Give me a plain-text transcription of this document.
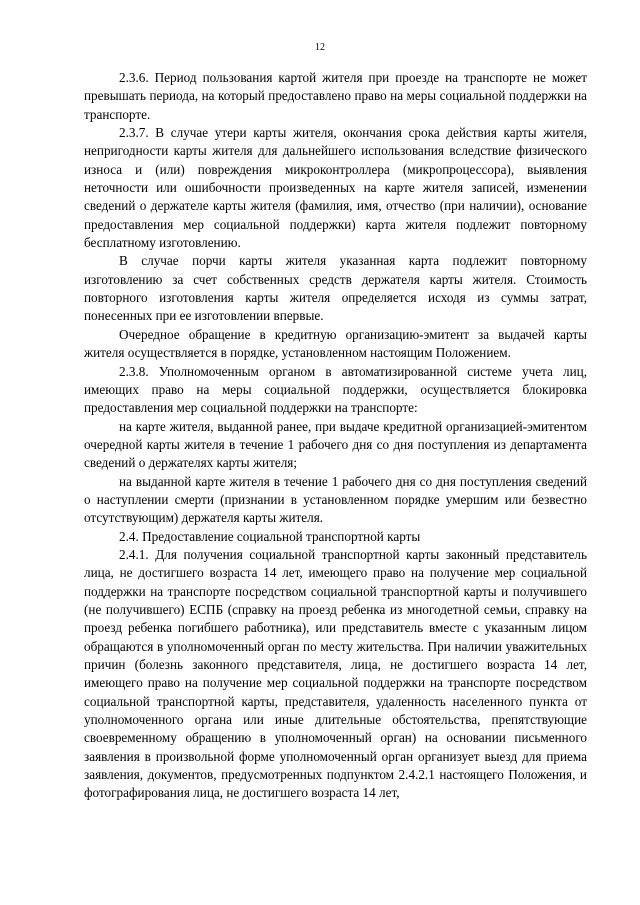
12

2.3.6. Период пользования картой жителя при проезде на транспорте не может превышать периода, на который предоставлено право на меры социальной поддержки на транспорте.

2.3.7. В случае утери карты жителя, окончания срока действия карты жителя, непригодности карты жителя для дальнейшего использования вследствие физического износа и (или) повреждения микроконтроллера (микропроцессора), выявления неточности или ошибочности произведенных на карте жителя записей, изменении сведений о держателе карты жителя (фамилия, имя, отчество (при наличии), основание предоставления мер социальной поддержки) карта жителя подлежит повторному бесплатному изготовлению.

В случае порчи карты жителя указанная карта подлежит повторному изготовлению за счет собственных средств держателя карты жителя. Стоимость повторного изготовления карты жителя определяется исходя из суммы затрат, понесенных при ее изготовлении впервые.

Очередное обращение в кредитную организацию-эмитент за выдачей карты жителя осуществляется в порядке, установленном настоящим Положением.

2.3.8. Уполномоченным органом в автоматизированной системе учета лиц, имеющих право на меры социальной поддержки, осуществляется блокировка предоставления мер социальной поддержки на транспорте:

на карте жителя, выданной ранее, при выдаче кредитной организацией-эмитентом очередной карты жителя в течение 1 рабочего дня со дня поступления из департамента сведений о держателях карты жителя;

на выданной карте жителя в течение 1 рабочего дня со дня поступления сведений о наступлении смерти (признании в установленном порядке умершим или безвестно отсутствующим) держателя карты жителя.

2.4. Предоставление социальной транспортной карты

2.4.1. Для получения социальной транспортной карты законный представитель лица, не достигшего возраста 14 лет, имеющего право на получение мер социальной поддержки на транспорте посредством социальной транспортной карты и получившего (не получившего) ЕСПБ (справку на проезд ребенка из многодетной семьи, справку на проезд ребенка погибшего работника), или представитель вместе с указанным лицом обращаются в уполномоченный орган по месту жительства. При наличии уважительных причин (болезнь законного представителя, лица, не достигшего возраста 14 лет, имеющего право на получение мер социальной поддержки на транспорте посредством социальной транспортной карты, представителя, удаленность населенного пункта от уполномоченного органа или иные длительные обстоятельства, препятствующие своевременному обращению в уполномоченный орган) на основании письменного заявления в произвольной форме уполномоченный орган организует выезд для приема заявления, документов, предусмотренных подпунктом 2.4.2.1 настоящего Положения, и фотографирования лица, не достигшего возраста 14 лет,
